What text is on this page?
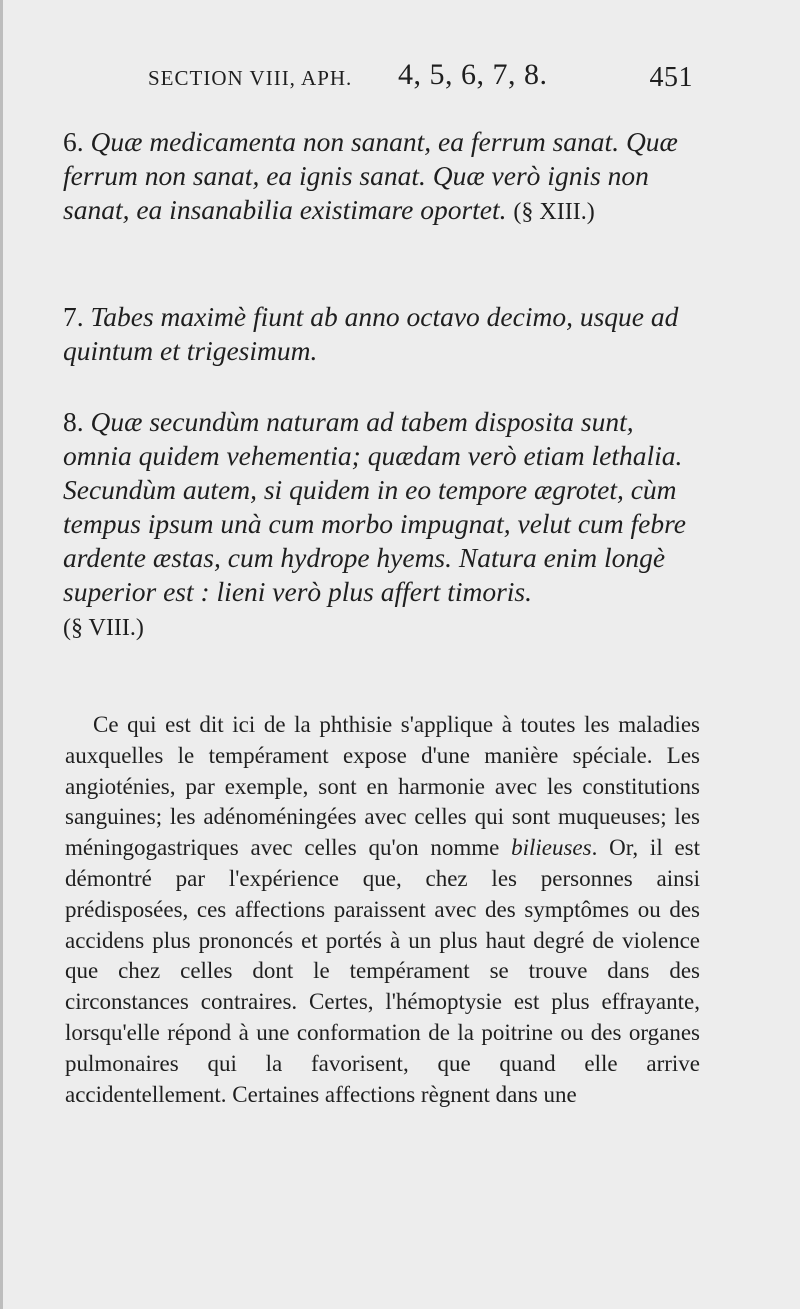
SECTION VIII, APH. 4, 5, 6, 7, 8.	451

6. Quæ medicamenta non sanant, ea ferrum sanat. Quæ ferrum non sanat, ea ignis sanat. Quæ verò ignis non sanat, ea insanabilia existimare oportet. (§ XIII.)

7. Tabes maximè fiunt ab anno octavo decimo, usque ad quintum et trigesimum.

8. Quæ secundùm naturam ad tabem disposita sunt, omnia quidem vehementia; quædam verò etiam lethalia. Secundùm autem, si quidem in eo tempore ægrotet, cùm tempus ipsum unà cum morbo impugnat, velut cum febre ardente æstas, cum hydrope hyems. Natura enim longè superior est : lieni verò plus affert timoris.
(§ VIII.)

Ce qui est dit ici de la phthisie s'applique à toutes les maladies auxquelles le tempérament expose d'une manière spéciale. Les angioténies, par exemple, sont en harmonie avec les constitutions sanguines; les adénoméningées avec celles qui sont muqueuses; les méningogastriques avec celles qu'on nomme bilieuses. Or, il est démontré par l'expérience que, chez les personnes ainsi prédisposées, ces affections paraissent avec des symptômes ou des accidens plus prononcés et portés à un plus haut degré de violence que chez celles dont le tempérament se trouve dans des circonstances contraires. Certes, l'hémoptysie est plus effrayante, lorsqu'elle répond à une conformation de la poitrine ou des organes pulmonaires qui la favorisent, que quand elle arrive accidentellement. Certaines affections règnent dans une
